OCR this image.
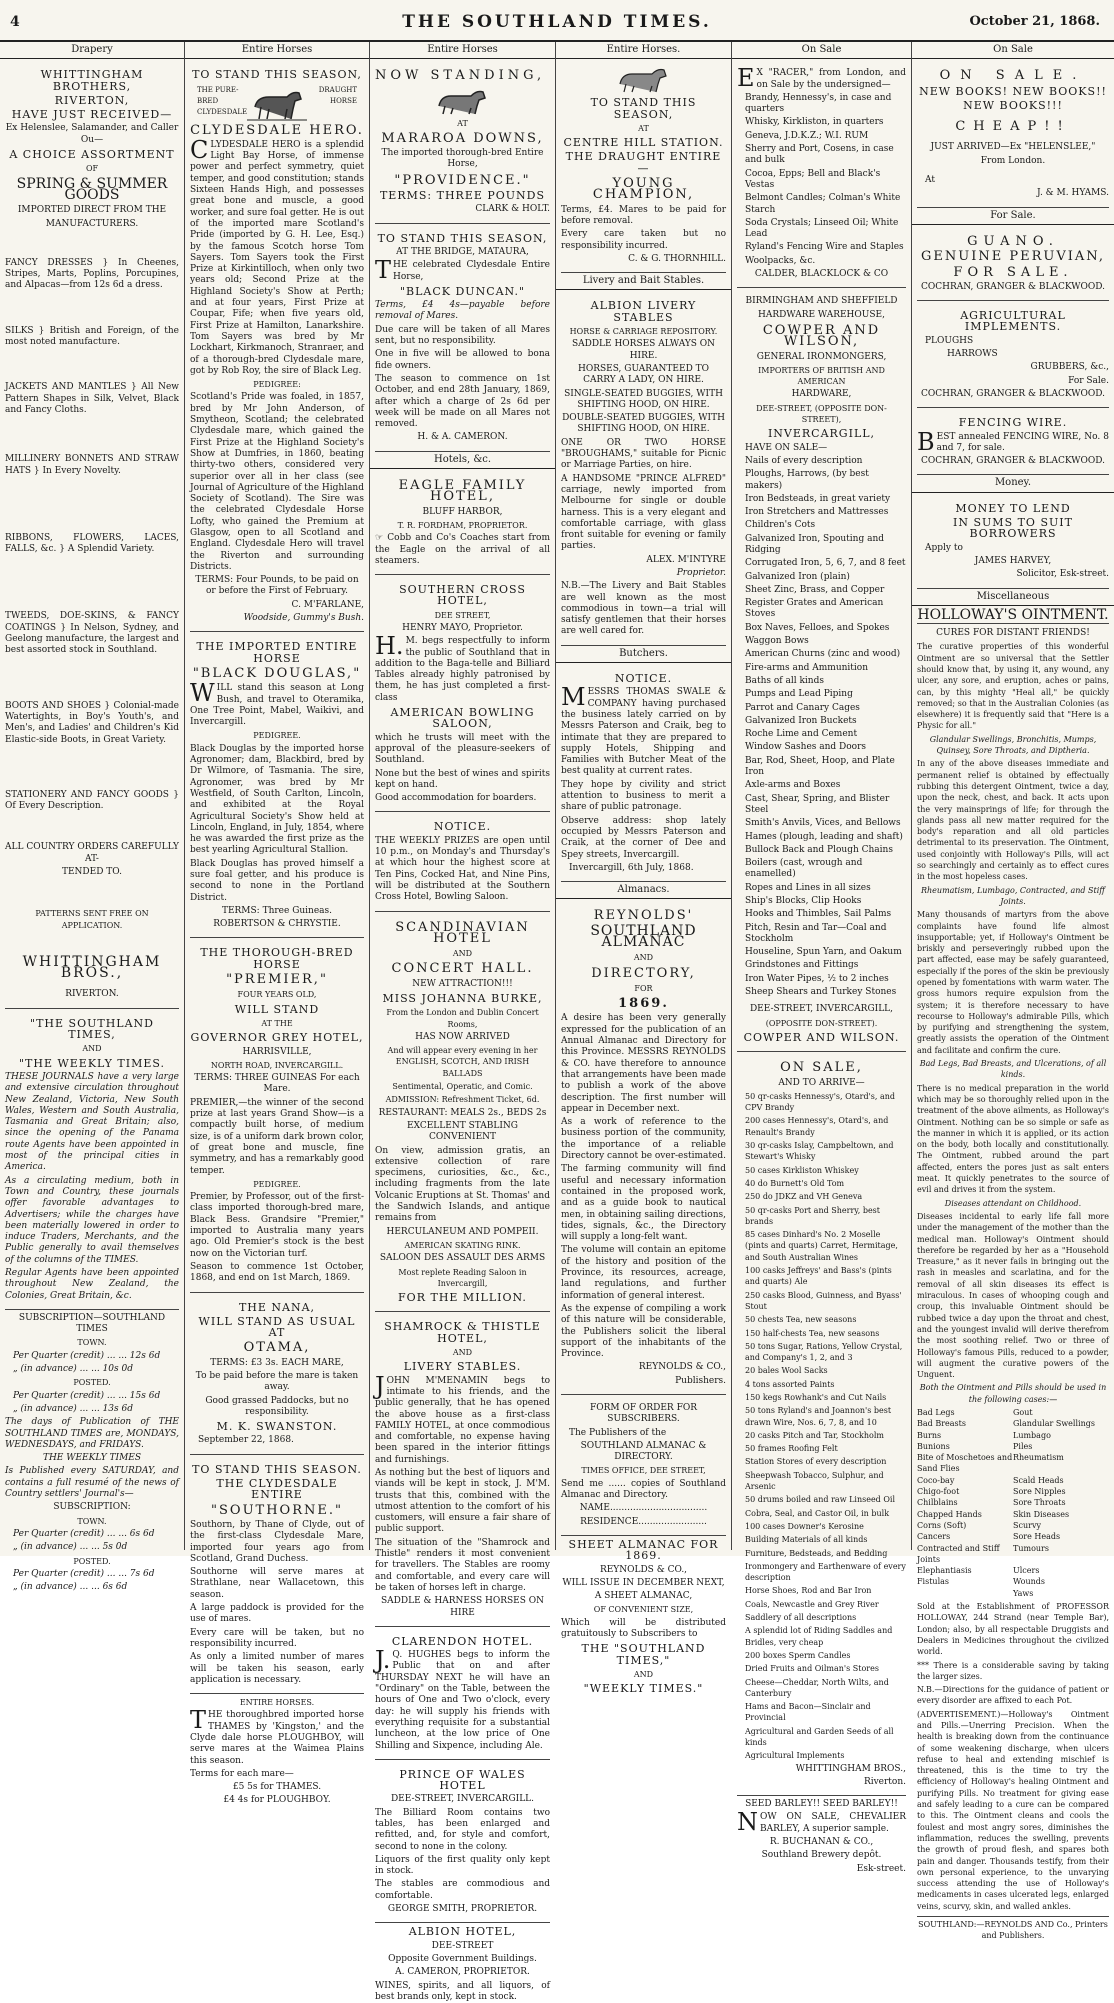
4	THE SOUTHLAND TIMES.	October 21, 1868.
Drapery
WHITTINGHAM BROTHERS,
RIVERTON,
HAVE JUST RECEIVED—
Ex Helenslee, Salamander, and Caller Ou—
A CHOICE ASSORTMENT
OF
SPRING & SUMMER GOODS
IMPORTED DIRECT FROM THE
MANUFACTURERS.
FANCY DRESSES } In Cheenes, Stripes, Marts, Poplins, Porcupines, and Alpacas—from 12s 6d a dress.
SILKS } British and Foreign, of the most noted manufacture.
JACKETS AND MANTLES } All New Pattern Shapes in Silk, Velvet, Black and Fancy Cloths.
MILLINERY BONNETS AND STRAW HATS } In Every Novelty.
RIBBONS, FLOWERS, LACES, FALLS, &c. } A Splendid Variety.
TWEEDS, DOE-SKINS, & FANCY COATINGS } In Nelson, Sydney, and Geelong manufacture, the largest and best assorted stock in Southland.
BOOTS AND SHOES } Colonial-made Watertights, in Boy's Youth's, and Men's, and Ladies' and Children's Kid Elastic-side Boots, in Great Variety.
STATIONERY AND FANCY GOODS } Of Every Description.
ALL COUNTRY ORDERS CAREFULLY AT-
TENDED TO.
PATTERNS SENT FREE ON APPLICATION.
WHITTINGHAM BROS.,
RIVERTON.
"THE SOUTHLAND TIMES,
AND
"THE WEEKLY TIMES.
THESE JOURNALS have a very large and extensive circulation throughout New Zealand, Victoria, New South Wales, Western and South Australia, Tasmania and Great Britain; also, since the opening of the Panama route Agents have been appointed in most of the principal cities in America.
As a circulating medium, both in Town and Country, these journals offer favorable advantages to Advertisers; while the charges have been materially lowered in order to induce Traders, Merchants, and the Public generally to avail themselves of the columns of the TIMES.
Regular Agents have been appointed throughout New Zealand, the Colonies, Great Britain, &c.
SUBSCRIPTION—SOUTHLAND TIMES
TOWN.
Per Quarter (credit) ... ... 12s 6d
„ (in advance) ... ... 10s 0d
POSTED.
Per Quarter (credit) ... ... 15s 6d
„ (in advance) ... ... 13s 6d
The days of Publication of THE SOUTHLAND TIMES are, MONDAYS, WEDNESDAYS, and FRIDAYS.
THE WEEKLY TIMES
Is Published every SATURDAY, and contains a full resumé of the news of Country settlers' Journal's—
SUBSCRIPTION:
TOWN.
Per Quarter (credit) ... ... 6s 6d
„ (in advance) ... ... 5s 0d
POSTED.
Per Quarter (credit) ... ... 7s 6d
„ (in advance) ... ... 6s 6d
Entire Horses
TO STAND THIS SEASON,
THE PURE-BRED CLYDESDALE
DRAUGHT HORSE
CLYDESDALE HERO.
CLYDESDALE HERO is a splendid Light Bay Horse, of immense power and perfect symmetry, quiet temper, and good constitution; stands Sixteen Hands High, and possesses great bone and muscle, a good worker, and sure foal getter. He is out of the imported mare Scotland's Pride (imported by G. H. Lee, Esq.) by the famous Scotch horse Tom Sayers. Tom Sayers took the First Prize at Kirkintilloch, when only two years old; Second Prize at the Highland Society's Show at Perth; and at four years, First Prize at Coupar, Fife; when five years old, First Prize at Hamilton, Lanarkshire. Tom Sayers was bred by Mr Lockhart, Kirkmanoch, Stranraer, and of a thorough-bred Clydesdale mare, got by Rob Roy, the sire of Black Leg.
PEDIGREE:
Scotland's Pride was foaled, in 1857, bred by Mr John Anderson, of Smytheon, Scotland; the celebrated Clydesdale mare, which gained the First Prize at the Highland Society's Show at Dumfries, in 1860, beating thirty-two others, considered very superior over all in her class (see Journal of Agriculture of the Highland Society of Scotland). The Sire was the celebrated Clydesdale Horse Lofty, who gained the Premium at Glasgow, open to all Scotland and England. Clydesdale Hero will travel the Riverton and surrounding Districts.
TERMS: Four Pounds, to be paid on or before the First of February.
C. M'FARLANE,
Woodside, Gummy's Bush.
THE IMPORTED ENTIRE HORSE
"BLACK DOUGLAS,"
WILL stand this season at Long Bush, and travel to Oteramika, One Tree Point, Mabel, Waikivi, and Invercargill.
PEDIGREE.
Black Douglas by the imported horse Agronomer; dam, Blackbird, bred by Dr Wilmore, of Tasmania. The sire, Agronomer, was bred by Mr Westfield, of South Carlton, Lincoln, and exhibited at the Royal Agricultural Society's Show held at Lincoln, England, in July, 1854, where he was awarded the first prize as the best yearling Agricultural Stallion.
Black Douglas has proved himself a sure foal getter, and his produce is second to none in the Portland District.
TERMS: Three Guineas.
ROBERTSON & CHRYSTIE.
THE THOROUGH-BRED HORSE
"PREMIER,"
FOUR YEARS OLD,
WILL STAND
AT THE
GOVERNOR GREY HOTEL,
HARRISVILLE,
NORTH ROAD, INVERCARGILL.
TERMS: THREE GUINEAS For each Mare.
PREMIER,—the winner of the second prize at last years Grand Show—is a compactly built horse, of medium size, is of a uniform dark brown color, of great bone and muscle, fine symmetry, and has a remarkably good temper.
PEDIGREE.
Premier, by Professor, out of the first-class imported thorough-bred mare, Black Bess. Grandsire "Premier," imported to Australia many years ago. Old Premier's stock is the best now on the Victorian turf.
Season to commence 1st October, 1868, and end on 1st March, 1869.
THE NANA,
WILL STAND AS USUAL AT
OTAMA,
TERMS: £3 3s. EACH MARE,
To be paid before the mare is taken away.
Good grassed Paddocks, but no responsibility.
M. K. SWANSTON.
September 22, 1868.
TO STAND THIS SEASON.
THE CLYDESDALE ENTIRE
"SOUTHORNE."
Southorn, by Thane of Clyde, out of the first-class Clydesdale Mare, imported four years ago from Scotland, Grand Duchess.
Southorne will serve mares at Strathlane, near Wallacetown, this season.
A large paddock is provided for the use of mares.
Every care will be taken, but no responsibility incurred.
As only a limited number of mares will be taken his season, early application is necessary.
ENTIRE HORSES.
THE thoroughbred imported horse THAMES by 'Kingston,' and the Clyde dale horse PLOUGHBOY, will serve mares at the Waimea Plains this season.
Terms for each mare—
£5 5s for THAMES.
£4 4s for PLOUGHBOY.
Entire Horses
NOW STANDING,
AT
MARAROA DOWNS,
The imported thorough-bred Entire Horse,
"PROVIDENCE."
TERMS: THREE POUNDS
CLARK & HOLT.
TO STAND THIS SEASON,
AT THE BRIDGE, MATAURA,
THE celebrated Clydesdale Entire Horse,
"BLACK DUNCAN."
Terms, £4 4s—payable before removal of Mares.
Due care will be taken of all Mares sent, but no responsibility.
One in five will be allowed to bona fide owners.
The season to commence on 1st October, and end 28th January, 1869, after which a charge of 2s 6d per week will be made on all Mares not removed.
H. & A. CAMERON.
Hotels, &c.
EAGLE FAMILY HOTEL,
BLUFF HARBOR,
T. R. FORDHAM, PROPRIETOR.
☞ Cobb and Co's Coaches start from the Eagle on the arrival of all steamers.
SOUTHERN CROSS HOTEL,
DEE STREET,
HENRY MAYO, Proprietor.
H.M. begs respectfully to inform the public of Southland that in addition to the Baga-telle and Billiard Tables already highly patronised by them, he has just completed a first-class
AMERICAN BOWLING SALOON,
which he trusts will meet with the approval of the pleasure-seekers of Southland.
None but the best of wines and spirits kept on hand.
Good accommodation for boarders.
NOTICE.
THE WEEKLY PRIZES are open until 10 p.m., on Monday's and Thursday's at which hour the highest score at Ten Pins, Cocked Hat, and Nine Pins, will be distributed at the Southern Cross Hotel, Bowling Saloon.
SCANDINAVIAN HOTEL
AND
CONCERT HALL.
NEW ATTRACTION!!!
MISS JOHANNA BURKE,
From the London and Dublin Concert Rooms,
HAS NOW ARRIVED
And will appear every evening in her ENGLISH, SCOTCH, AND IRISH BALLADS
Sentimental, Operatic, and Comic.
ADMISSION: Refreshment Ticket, 6d.
RESTAURANT: MEALS 2s., BEDS 2s
EXCELLENT STABLING CONVENIENT
On view, admission gratis, an extensive collection of rare specimens, curiosities, &c., &c., including fragments from the late Volcanic Eruptions at St. Thomas' and the Sandwich Islands, and antique remains from
HERCULANEUM AND POMPEII.
AMERICAN SKATING RINK.
SALOON DES ASSAULT DES ARMS
Most replete Reading Saloon in Invercargill,
FOR THE MILLION.
SHAMROCK & THISTLE HOTEL,
AND
LIVERY STABLES.
JOHN M'MENAMIN begs to intimate to his friends, and the public generally, that he has opened the above house as a first-class FAMILY HOTEL, at once commodious and comfortable, no expense having been spared in the interior fittings and furnishings.
As nothing but the best of liquors and viands will be kept in stock, J. M'M. trusts that this, combined with the utmost attention to the comfort of his customers, will ensure a fair share of public support.
The situation of the "Shamrock and Thistle" renders it most convenient for travellers. The Stables are roomy and comfortable, and every care will be taken of horses left in charge.
SADDLE & HARNESS HORSES ON HIRE
CLARENDON HOTEL.
J.Q. HUGHES begs to inform the Public that on and after THURSDAY NEXT he will have an "Ordinary" on the Table, between the hours of One and Two o'clock, every day: he will supply his friends with everything requisite for a substantial luncheon, at the low price of One Shilling and Sixpence, including Ale.
PRINCE OF WALES HOTEL
DEE-STREET, INVERCARGILL.
The Billiard Room contains two tables, has been enlarged and refitted, and, for style and comfort, second to none in the colony.
Liquors of the first quality only kept in stock.
The stables are commodious and comfortable.
GEORGE SMITH, PROPRIETOR.
ALBION HOTEL,
DEE-STREET
Opposite Government Buildings.
A. CAMERON, PROPRIETOR.
WINES, spirits, and all liquors, of best brands only, kept in stock.
Entire Horses.
TO STAND THIS SEASON,
AT
CENTRE HILL STATION.
THE DRAUGHT ENTIRE—
YOUNG CHAMPION,
Terms, £4. Mares to be paid for before removal.
Every care taken but no responsibility incurred.
C. & G. THORNHILL.
Livery and Bait Stables.
ALBION LIVERY STABLES
HORSE & CARRIAGE REPOSITORY.
SADDLE HORSES ALWAYS ON HIRE.
HORSES, GUARANTEED TO CARRY A LADY, ON HIRE.
SINGLE-SEATED BUGGIES, WITH SHIFTING HOOD, ON HIRE.
DOUBLE-SEATED BUGGIES, WITH SHIFTING HOOD, ON HIRE.
ONE OR TWO HORSE "BROUGHAMS," suitable for Picnic or Marriage Parties, on hire.
A HANDSOME "PRINCE ALFRED" carriage, newly imported from Melbourne for single or double harness. This is a very elegant and comfortable carriage, with glass front suitable for evening or family parties.
ALEX. M'INTYRE
Proprietor.
N.B.—The Livery and Bait Stables are well known as the most commodious in town—a trial will satisfy gentlemen that their horses are well cared for.
Butchers.
NOTICE.
MESSRS THOMAS SWALE & COMPANY having purchased the business lately carried on by Messrs Paterson and Craik, beg to intimate that they are prepared to supply Hotels, Shipping and Families with Butcher Meat of the best quality at current rates.
They hope by civility and strict attention to business to merit a share of public patronage.
Observe address: shop lately occupied by Messrs Paterson and Craik, at the corner of Dee and Spey streets, Invercargill.
Invercargill, 6th July, 1868.
Almanacs.
REYNOLDS'
SOUTHLAND ALMANAC
AND
DIRECTORY,
FOR
1869.
A desire has been very generally expressed for the publication of an Annual Almanac and Directory for this Province. MESSRS REYNOLDS & CO. have therefore to announce that arrangements have been made to publish a work of the above description. The first number will appear in December next.
As a work of reference to the business portion of the community, the importance of a reliable Directory cannot be over-estimated.
The farming community will find useful and necessary information contained in the proposed work, and as a guide book to nautical men, in obtaining sailing directions, tides, signals, &c., the Directory will supply a long-felt want.
The volume will contain an epitome of the history and position of the Province, its resources, acreage, land regulations, and further information of general interest.
As the expense of compiling a work of this nature will be considerable, the Publishers solicit the liberal support of the inhabitants of the Province.
REYNOLDS & CO.,
Publishers.
FORM OF ORDER FOR SUBSCRIBERS.
The Publishers of the
SOUTHLAND ALMANAC & DIRECTORY.
TIMES OFFICE, DEE STREET,
Send me ...... copies of Southland Almanac and Directory.
NAME..................................
RESIDENCE........................
SHEET ALMANAC FOR 1869.
REYNOLDS & CO.,
WILL ISSUE IN DECEMBER NEXT,
A SHEET ALMANAC,
OF CONVENIENT SIZE,
Which will be distributed gratuitously to Subscribers to
THE "SOUTHLAND TIMES,"
AND
"WEEKLY TIMES."
On Sale
EX "RACER," from London, and on Sale by the undersigned—
Brandy, Hennessy's, in case and quarters
Whisky, Kirkliston, in quarters
Geneva, J.D.K.Z.; W.I. RUM
Sherry and Port, Cosens, in case and bulk
Cocoa, Epps; Bell and Black's Vestas
Belmont Candles; Colman's White Starch
Soda Crystals; Linseed Oil; White Lead
Ryland's Fencing Wire and Staples
Woolpacks, &c.
CALDER, BLACKLOCK & CO
BIRMINGHAM AND SHEFFIELD
HARDWARE WAREHOUSE,
COWPER AND WILSON,
GENERAL IRONMONGERS,
IMPORTERS OF BRITISH AND AMERICAN
HARDWARE,
DEE-STREET, (OPPOSITE DON-STREET),
INVERCARGILL,
HAVE ON SALE—
Nails of every description
Ploughs, Harrows, (by best makers)
Iron Bedsteads, in great variety
Iron Stretchers and Mattresses
Children's Cots
Galvanized Iron, Spouting and Ridging
Corrugated Iron, 5, 6, 7, and 8 feet
Galvanized Iron (plain)
Sheet Zinc, Brass, and Copper
Register Grates and American Stoves
Box Naves, Felloes, and Spokes
Waggon Bows
American Churns (zinc and wood)
Fire-arms and Ammunition
Baths of all kinds
Pumps and Lead Piping
Parrot and Canary Cages
Galvanized Iron Buckets
Roche Lime and Cement
Window Sashes and Doors
Bar, Rod, Sheet, Hoop, and Plate Iron
Axle-arms and Boxes
Cast, Shear, Spring, and Blister Steel
Smith's Anvils, Vices, and Bellows
Hames (plough, leading and shaft)
Bullock Back and Plough Chains
Boilers (cast, wrough and enamelled)
Ropes and Lines in all sizes
Ship's Blocks, Clip Hooks
Hooks and Thimbles, Sail Palms
Pitch, Resin and Tar—Coal and Stockholm
Houseline, Spun Yarn, and Oakum
Grindstones and Fittings
Iron Water Pipes, ½ to 2 inches
Sheep Shears and Turkey Stones
DEE-STREET, INVERCARGILL,
(OPPOSITE DON-STREET).
COWPER AND WILSON.
ON SALE,
AND TO ARRIVE—
50 qr-casks Hennessy's, Otard's, and CPV Brandy
200 cases Hennessy's, Otard's, and Renault's Brandy
30 qr-casks Islay, Campbeltown, and Stewart's Whisky
50 cases Kirkliston Whiskey
40 do Burnett's Old Tom
250 do JDKZ and VH Geneva
50 qr-casks Port and Sherry, best brands
85 cases Dinhard's No. 2 Moselle (pints and quarts) Carret, Hermitage, and South Australian Wines
100 casks Jeffreys' and Bass's (pints and quarts) Ale
250 casks Blood, Guinness, and Byass' Stout
50 chests Tea, new seasons
150 half-chests Tea, new seasons
50 tons Sugar, Rations, Yellow Crystal, and Company's 1, 2, and 3
20 bales Wool Sacks
4 tons assorted Paints
150 kegs Rowhank's and Cut Nails
50 tons Ryland's and Joannon's best drawn Wire, Nos. 6, 7, 8, and 10
20 casks Pitch and Tar, Stockholm
50 frames Roofing Felt
Station Stores of every description
Sheepwash Tobacco, Sulphur, and Arsenic
50 drums boiled and raw Linseed Oil
Cobra, Seal, and Castor Oil, in bulk
100 cases Downer's Kerosine
Building Materials of all kinds
Furniture, Bedsteads, and Bedding
Ironmongery and Earthenware of every description
Horse Shoes, Rod and Bar Iron
Coals, Newcastle and Grey River
Saddlery of all descriptions
A splendid lot of Riding Saddles and Bridles, very cheap
200 boxes Sperm Candles
Dried Fruits and Oilman's Stores
Cheese—Cheddar, North Wilts, and Canterbury
Hams and Bacon—Sinclair and Provincial
Agricultural and Garden Seeds of all kinds
Agricultural Implements
WHITTINGHAM BROS.,
Riverton.
SEED BARLEY!! SEED BARLEY!!
NOW ON SALE, CHEVALIER BARLEY, A superior sample.
R. BUCHANAN & CO.,
Southland Brewery depôt.
Esk-street.
On Sale
ON SALE.
NEW BOOKS! NEW BOOKS!!
NEW BOOKS!!!
CHEAP!!
JUST ARRIVED—Ex "HELENSLEE,"
From London.
At
J. & M. HYAMS.
For Sale.
GUANO.
GENUINE PERUVIAN,
FOR SALE.
COCHRAN, GRANGER & BLACKWOOD.
AGRICULTURAL IMPLEMENTS.
PLOUGHS
HARROWS
GRUBBERS, &c.,
For Sale.
COCHRAN, GRANGER & BLACKWOOD.
FENCING WIRE.
BEST annealed FENCING WIRE, No. 8 and 7, for sale.
COCHRAN, GRANGER & BLACKWOOD.
Money.
MONEY TO LEND
IN SUMS TO SUIT BORROWERS
Apply to
JAMES HARVEY,
Solicitor, Esk-street.
Miscellaneous
HOLLOWAY'S OINTMENT.
CURES FOR DISTANT FRIENDS!
The curative properties of this wonderful Ointment are so universal that the Settler should know that, by using it, any wound, any ulcer, any sore, and eruption, aches or pains, can, by this mighty "Heal all," be quickly removed; so that in the Australian Colonies (as elsewhere) it is frequently said that "Here is a Physic for all."
Glandular Swellings, Bronchitis, Mumps, Quinsey, Sore Throats, and Diptheria.
In any of the above diseases immediate and permanent relief is obtained by effectually rubbing this detergent Ointment, twice a day, upon the neck, chest, and back. It acts upon the very mainsprings of life; for through the glands pass all new matter required for the body's reparation and all old particles detrimental to its preservation. The Ointment, used conjointly with Holloway's Pills, will act so searchingly and certainly as to effect cures in the most hopeless cases.
Rheumatism, Lumbago, Contracted, and Stiff Joints.
Many thousands of martyrs from the above complaints have found life almost insupportable; yet, if Holloway's Ointment be briskly and perseveringly rubbed upon the part affected, ease may be safely guaranteed, especially if the pores of the skin be previously opened by fomentations with warm water. The gross humors require expulsion from the system; it is therefore necessary to have recourse to Holloway's admirable Pills, which by purifying and strengthening the system, greatly assists the operation of the Ointment and facilitate and confirm the cure.
Bad Legs, Bad Breasts, and Ulcerations, of all kinds.
There is no medical preparation in the world which may be so thoroughly relied upon in the treatment of the above ailments, as Holloway's Ointment. Nothing can be so simple or safe as the manner in which it is applied, or its action on the body, both locally and constitutionally. The Ointment, rubbed around the part affected, enters the pores just as salt enters meat. It quickly penetrates to the source of evil and drives it from the system.
Diseases attendant on Childhood.
Diseases incidental to early life fall more under the management of the mother than the medical man. Holloway's Ointment should therefore be regarded by her as a "Household Treasure," as it never fails in bringing out the rash in measles and scarlatina, and for the removal of all skin diseases its effect is miraculous. In cases of whooping cough and croup, this invaluable Ointment should be rubbed twice a day upon the throat and chest, and the youngest invalid will derive therefrom the most soothing relief. Two or three of Holloway's famous Pills, reduced to a powder, will augment the curative powers of the Unguent.
Both the Ointment and Pills should be used in the following cases:—
Bad Legs	Gout
Bad Breasts	Glandular Swellings
Burns	Lumbago
Bunions	Piles
Bite of Moschetoes and Sand Flies
Rheumatism
Coco-bay	Scald Heads
Chigo-foot	Sore Nipples
Chilblains	Sore Throats
Chapped Hands	Skin Diseases
Corns (Soft)	Scurvy
Cancers	Sore Heads
Contracted and Stiff Joints
Tumours
Elephantiasis	Ulcers
Fistulas	Wounds
Yaws
Sold at the Establishment of PROFESSOR HOLLOWAY, 244 Strand (near Temple Bar), London; also, by all respectable Druggists and Dealers in Medicines throughout the civilized world.
*** There is a considerable saving by taking the larger sizes.
N.B.—Directions for the guidance of patient or every disorder are affixed to each Pot.
(ADVERTISEMENT.)—Holloway's Ointment and Pills.—Unerring Precision. When the health is breaking down from the continuance of some weakening discharge, when ulcers refuse to heal and extending mischief is threatened, this is the time to try the efficiency of Holloway's healing Ointment and purifying Pills. No treatment for giving ease and safely leading to a cure can be compared to this. The Ointment cleans and cools the foulest and most angry sores, diminishes the inflammation, reduces the swelling, prevents the growth of proud flesh, and spares both pain and danger. Thousands testify, from their own personal experience, to the unvarying success attending the use of Holloway's medicaments in cases ulcerated legs, enlarged veins, scurvy, skin, and walled ankles.
SOUTHLAND:—REYNOLDS AND Co., Printers and Publishers.
